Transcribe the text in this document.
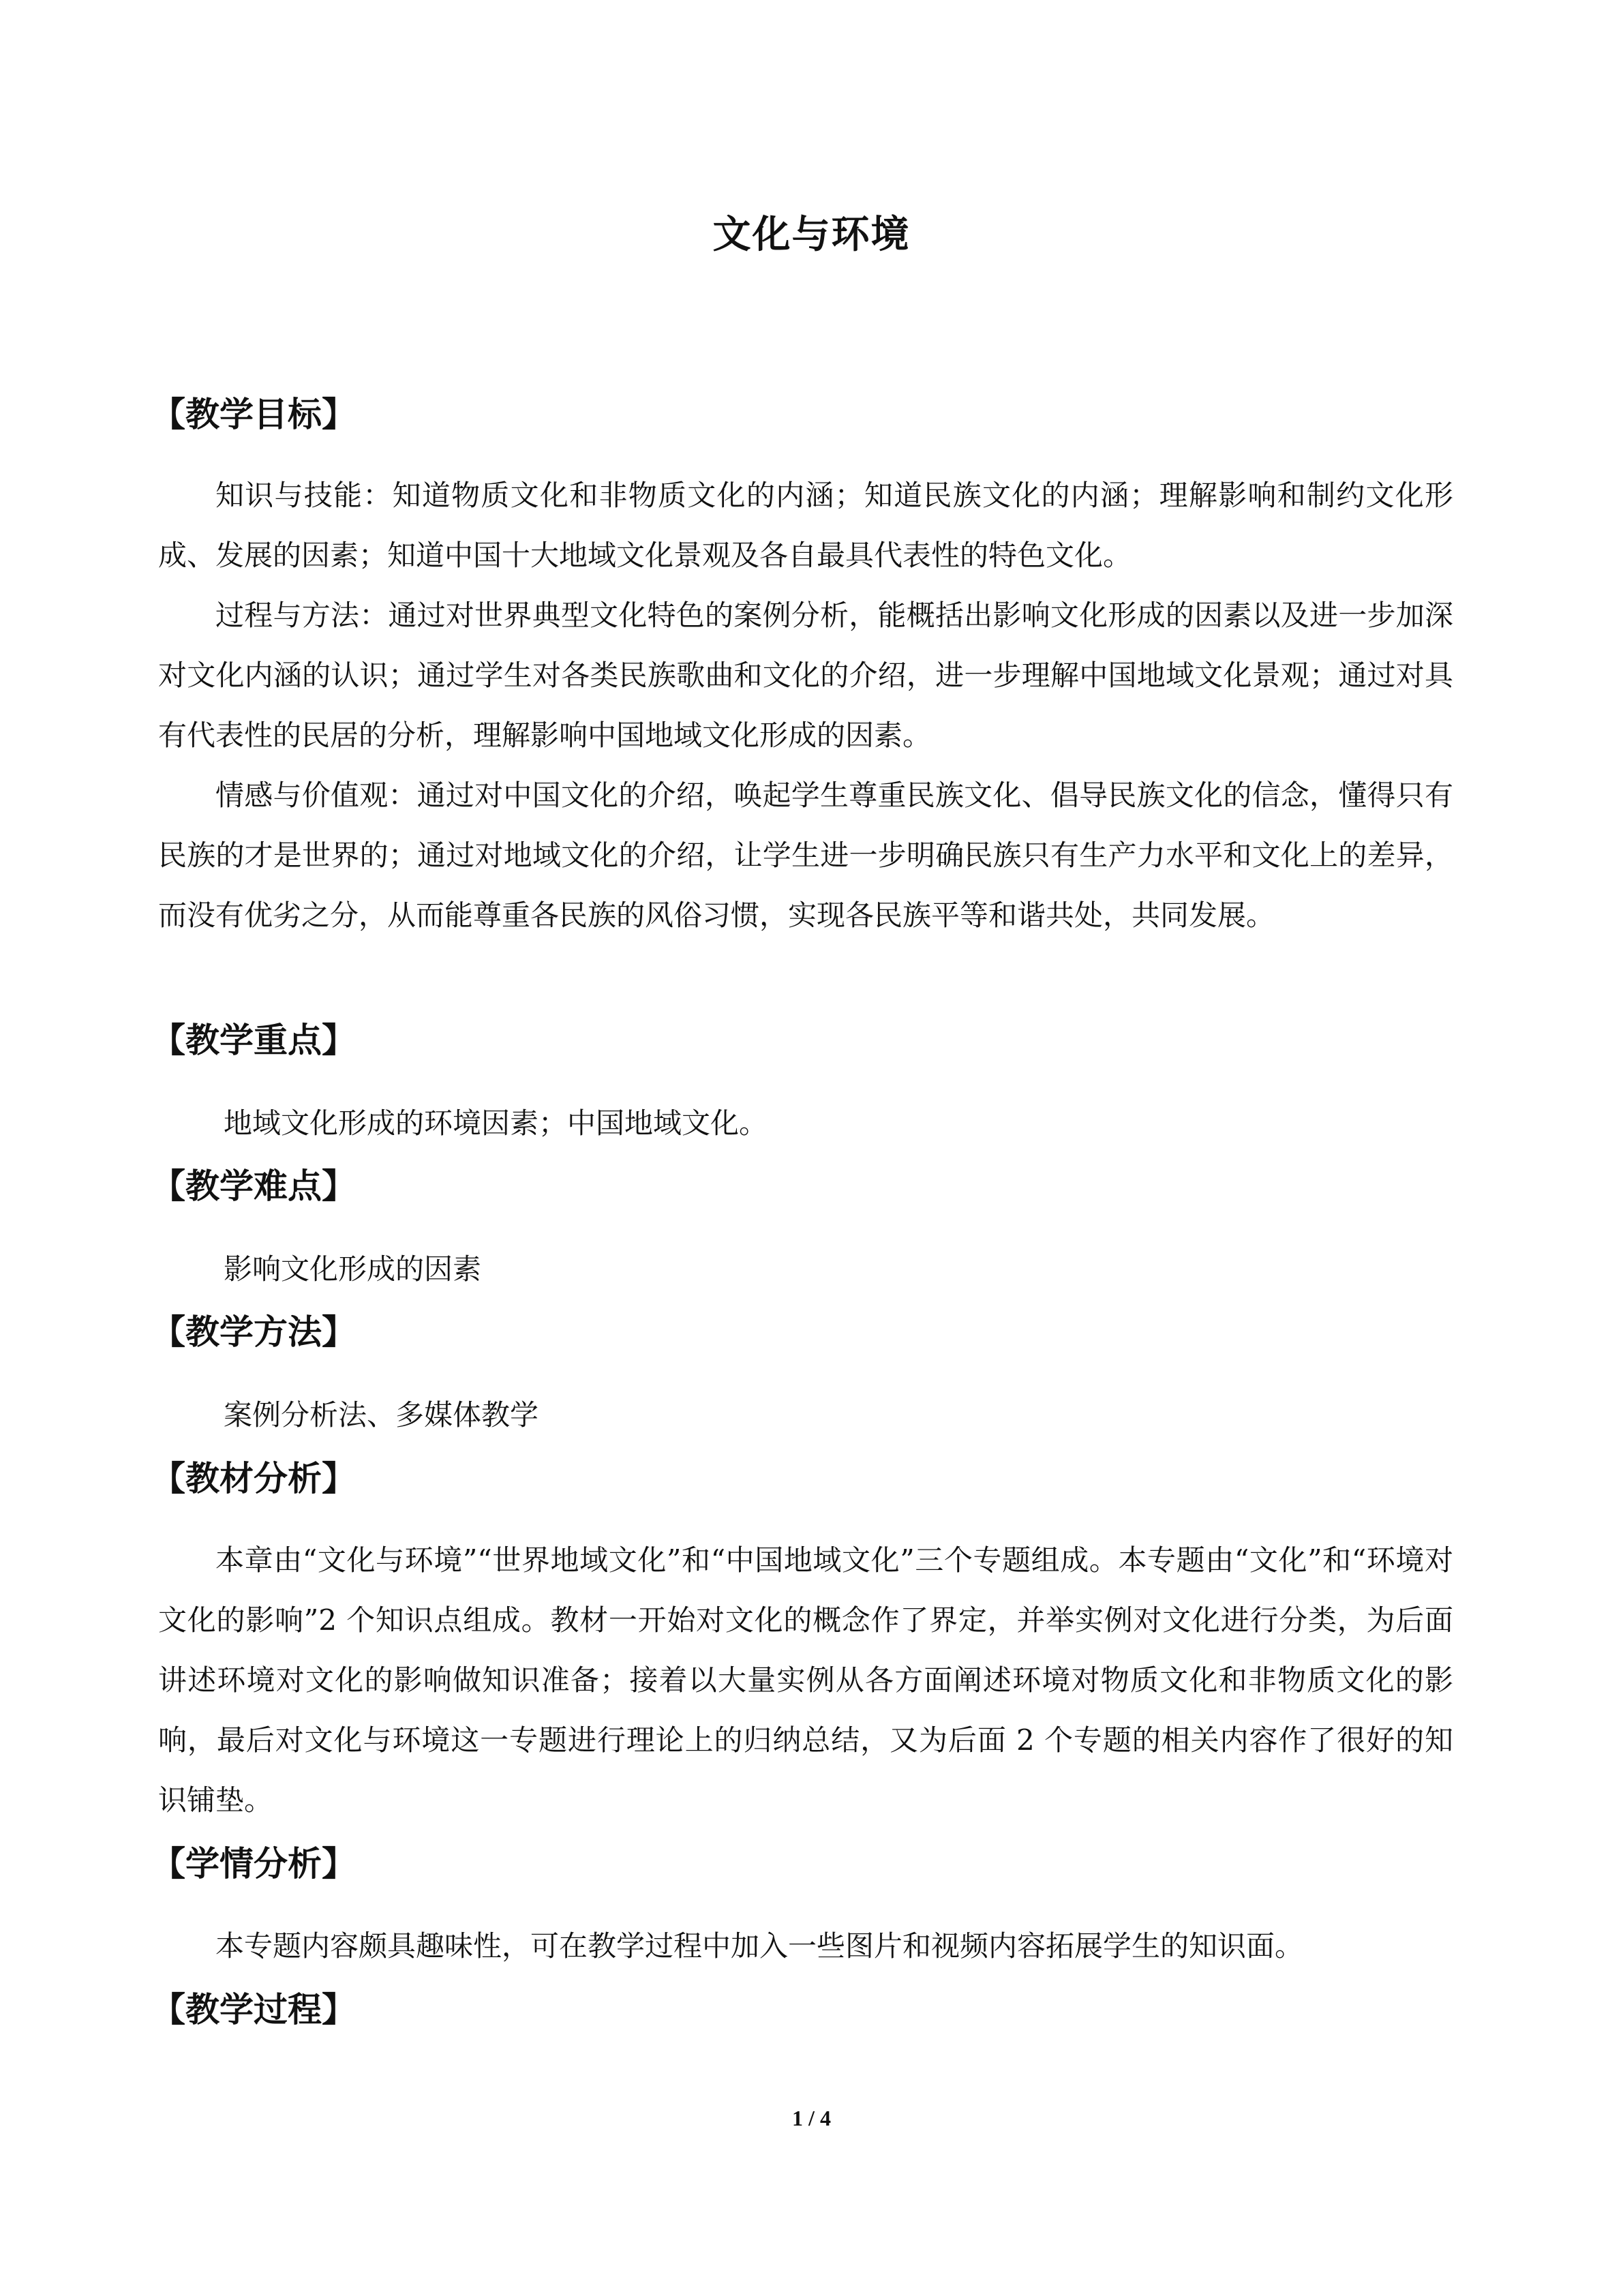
文化与环境
【教学目标】
知识与技能：知道物质文化和非物质文化的内涵；知道民族文化的内涵；理解影响和制约文化形成、发展的因素；知道中国十大地域文化景观及各自最具代表性的特色文化。
过程与方法：通过对世界典型文化特色的案例分析，能概括出影响文化形成的因素以及进一步加深对文化内涵的认识；通过学生对各类民族歌曲和文化的介绍，进一步理解中国地域文化景观；通过对具有代表性的民居的分析，理解影响中国地域文化形成的因素。
情感与价值观：通过对中国文化的介绍，唤起学生尊重民族文化、倡导民族文化的信念，懂得只有民族的才是世界的；通过对地域文化的介绍，让学生进一步明确民族只有生产力水平和文化上的差异，而没有优劣之分，从而能尊重各民族的风俗习惯，实现各民族平等和谐共处，共同发展。
【教学重点】
地域文化形成的环境因素；中国地域文化。
【教学难点】
影响文化形成的因素
【教学方法】
案例分析法、多媒体教学
【教材分析】
本章由“文化与环境”“世界地域文化”和“中国地域文化”三个专题组成。本专题由“文化”和“环境对文化的影响”2 个知识点组成。教材一开始对文化的概念作了界定，并举实例对文化进行分类，为后面讲述环境对文化的影响做知识准备；接着以大量实例从各方面阐述环境对物质文化和非物质文化的影响，最后对文化与环境这一专题进行理论上的归纳总结，又为后面 2 个专题的相关内容作了很好的知识铺垫。
【学情分析】
本专题内容颇具趣味性，可在教学过程中加入一些图片和视频内容拓展学生的知识面。
【教学过程】
1 / 4
